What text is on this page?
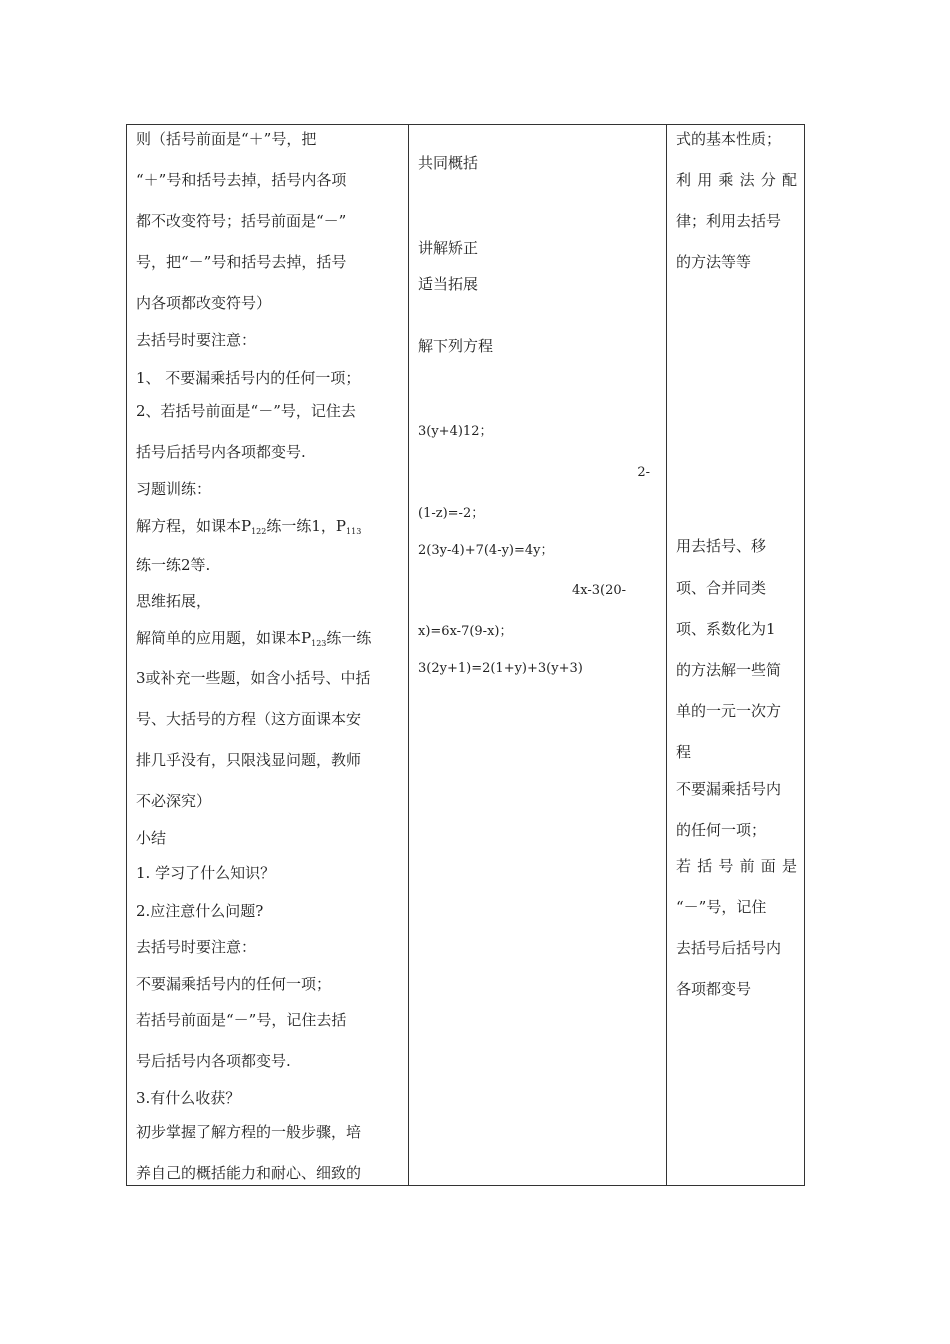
则（括号前面是“＋”号，把
“＋”号和括号去掉，括号内各项
都不改变符号；括号前面是“－”
号，把“－”号和括号去掉，括号
内各项都改变符号）
去括号时要注意：
1、 不要漏乘括号内的任何一项；
2、若括号前面是“－”号，记住去
括号后括号内各项都变号.
习题训练：
解方程，如课本$P_{122}$练一练1，$P_{113}$
练一练2等.
思维拓展，
解简单的应用题，如课本$P_{123}$练一练
3或补充一些题，如含小括号、中括
号、大括号的方程（这方面课本安
排几乎没有，只限浅显问题，教师
不必深究）
小结
1. 学习了什么知识？
2.应注意什么问题?
去括号时要注意：
不要漏乘括号内的任何一项；
若括号前面是“－”号，记住去括
号后括号内各项都变号.
3.有什么收获？
初步掌握了解方程的一般步骤，培
养自己的概括能力和耐心、细致的
共同概括
讲解矫正
适当拓展
解下列方程
3(y+4)12；
2-
(1-z)=-2；
2(3y-4)+7(4-y)=4y；
4x-3(20-
x)=6x-7(9-x)；
3(2y+1)=2(1+y)+3(y+3)
式的基本性质；
利用乘法分配
律；利用去括号
的方法等等
用去括号、移
项、合并同类
项、系数化为1
的方法解一些简
单的一元一次方
程
不要漏乘括号内
的任何一项；
若括号前面是
“－”号，记住
去括号后括号内
各项都变号
